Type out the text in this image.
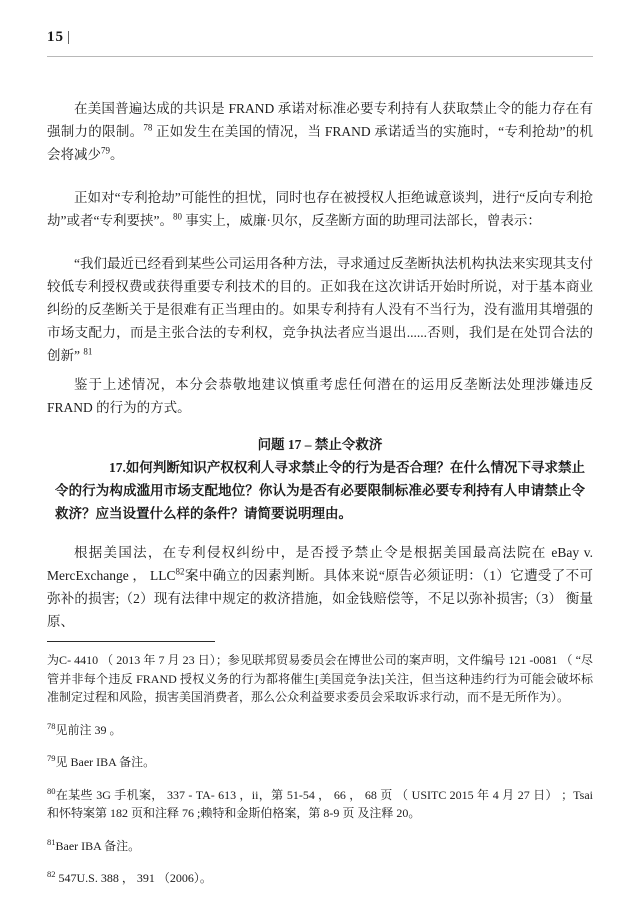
15 |

在美国普遍达成的共识是 FRAND 承诺对标准必要专利持有人获取禁止令的能力存在有强制力的限制。$^{78}$ 正如发生在美国的情况，当 FRAND 承诺适当的实施时，“专利抢劫”的机会将减少$^{79}$。

正如对“专利抢劫”可能性的担忧，同时也存在被授权人拒绝诚意谈判，进行“反向专利抢劫”或者“专利要挟”。$^{80}$ 事实上，威廉·贝尔，反垄断方面的助理司法部长，曾表示：

“我们最近已经看到某些公司运用各种方法，寻求通过反垄断执法机构执法来实现其支付较低专利授权费或获得重要专利技术的目的。正如我在这次讲话开始时所说，对于基本商业纠纷的反垄断关于是很难有正当理由的。如果专利持有人没有不当行为，没有滥用其增强的市场支配力，而是主张合法的专利权，竞争执法者应当退出......否则，我们是在处罚合法的创新” $^{81}$

鉴于上述情况，本分会恭敬地建议慎重考虑任何潜在的运用反垄断法处理涉嫌违反 FRAND 的行为的方式。

问题 17 – 禁止令救济

17.如何判断知识产权权利人寻求禁止令的行为是否合理？在什么情况下寻求禁止令的行为构成滥用市场支配地位？你认为是否有必要限制标准必要专利持有人申请禁止令救济？应当设置什么样的条件？请简要说明理由。

根据美国法，在专利侵权纠纷中，是否授予禁止令是根据美国最高法院在 eBay v. MercExchange ， LLC$^{82}$案中确立的因素判断。具体来说“原告必须证明：（1）它遭受了不可弥补的损害;（2）现有法律中规定的救济措施，如金钱赔偿等，不足以弥补损害;（3） 衡量原、

为C- 4410 （ 2013 年 7 月 23 日）；参见联邦贸易委员会在博世公司的案声明，文件编号 121 -0081 （ “尽管并非每个违反 FRAND 授权义务的行为都将催生[美国竞争法]关注，但当这种违约行为可能会破坏标准制定过程和风险，损害美国消费者，那么公众利益要求委员会采取诉求行动，而不是无所作为）。

$^{78}$见前注 39 。

$^{79}$见 Baer IBA 备注。

$^{80}$在某些 3G 手机案， 337 - TA- 613 ，ii，第 51-54 ， 66 ， 68 页 （ USITC 2015 年 4 月 27 日） ；Tsai 和怀特案第 182 页和注释 76 ;赖特和金斯伯格案，第 8-9 页 及注释 20。

$^{81}$Baer IBA 备注。

$^{82}$ 547U.S. 388 ， 391 （2006）。
